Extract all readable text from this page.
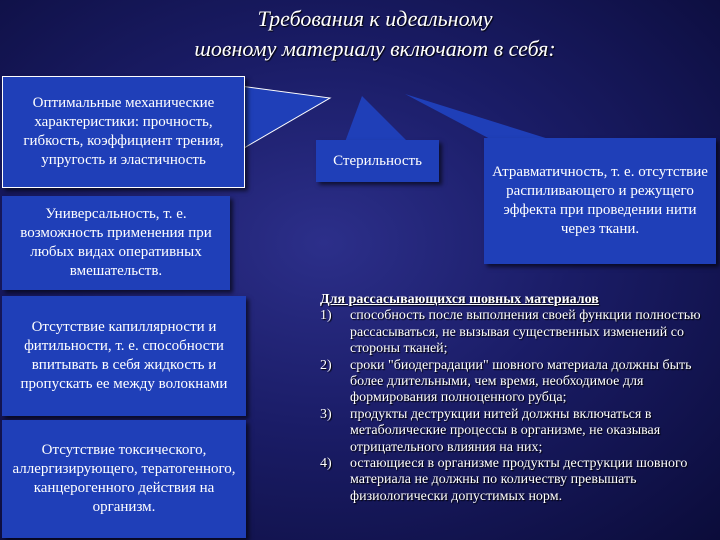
Требования к идеальному
шовному материалу включают в себя:
Оптимальные механические характеристики: прочность, гибкость, коэффициент трения, упругость и эластичность
Универсальность, т. е. возможность применения при любых видах оперативных вмешательств.
Отсутствие капиллярности и фитильности, т. е. способности впитывать в себя жидкость и пропускать ее между волокнами
Отсутствие токсического, аллергизирующего, тератогенного, канцерогенного действия на организм.
Стерильность
Атравматичность, т. е. отсутствие распиливающего и режущего эффекта при проведении нити через ткани.
Для рассасывающихся шовных материалов
1) способность после выполнения своей функции полностью рассасываться, не вызывая существенных изменений со стороны тканей;
2) сроки "биодеградации" шовного материала должны быть более длительными, чем время, необходимое для формирования полноценного рубца;
3) продукты деструкции нитей должны включаться в метаболические процессы в организме, не оказывая отрицательного влияния на них;
4) остающиеся в организме продукты деструкции шовного материала не должны по количеству превышать физиологически допустимых норм.
